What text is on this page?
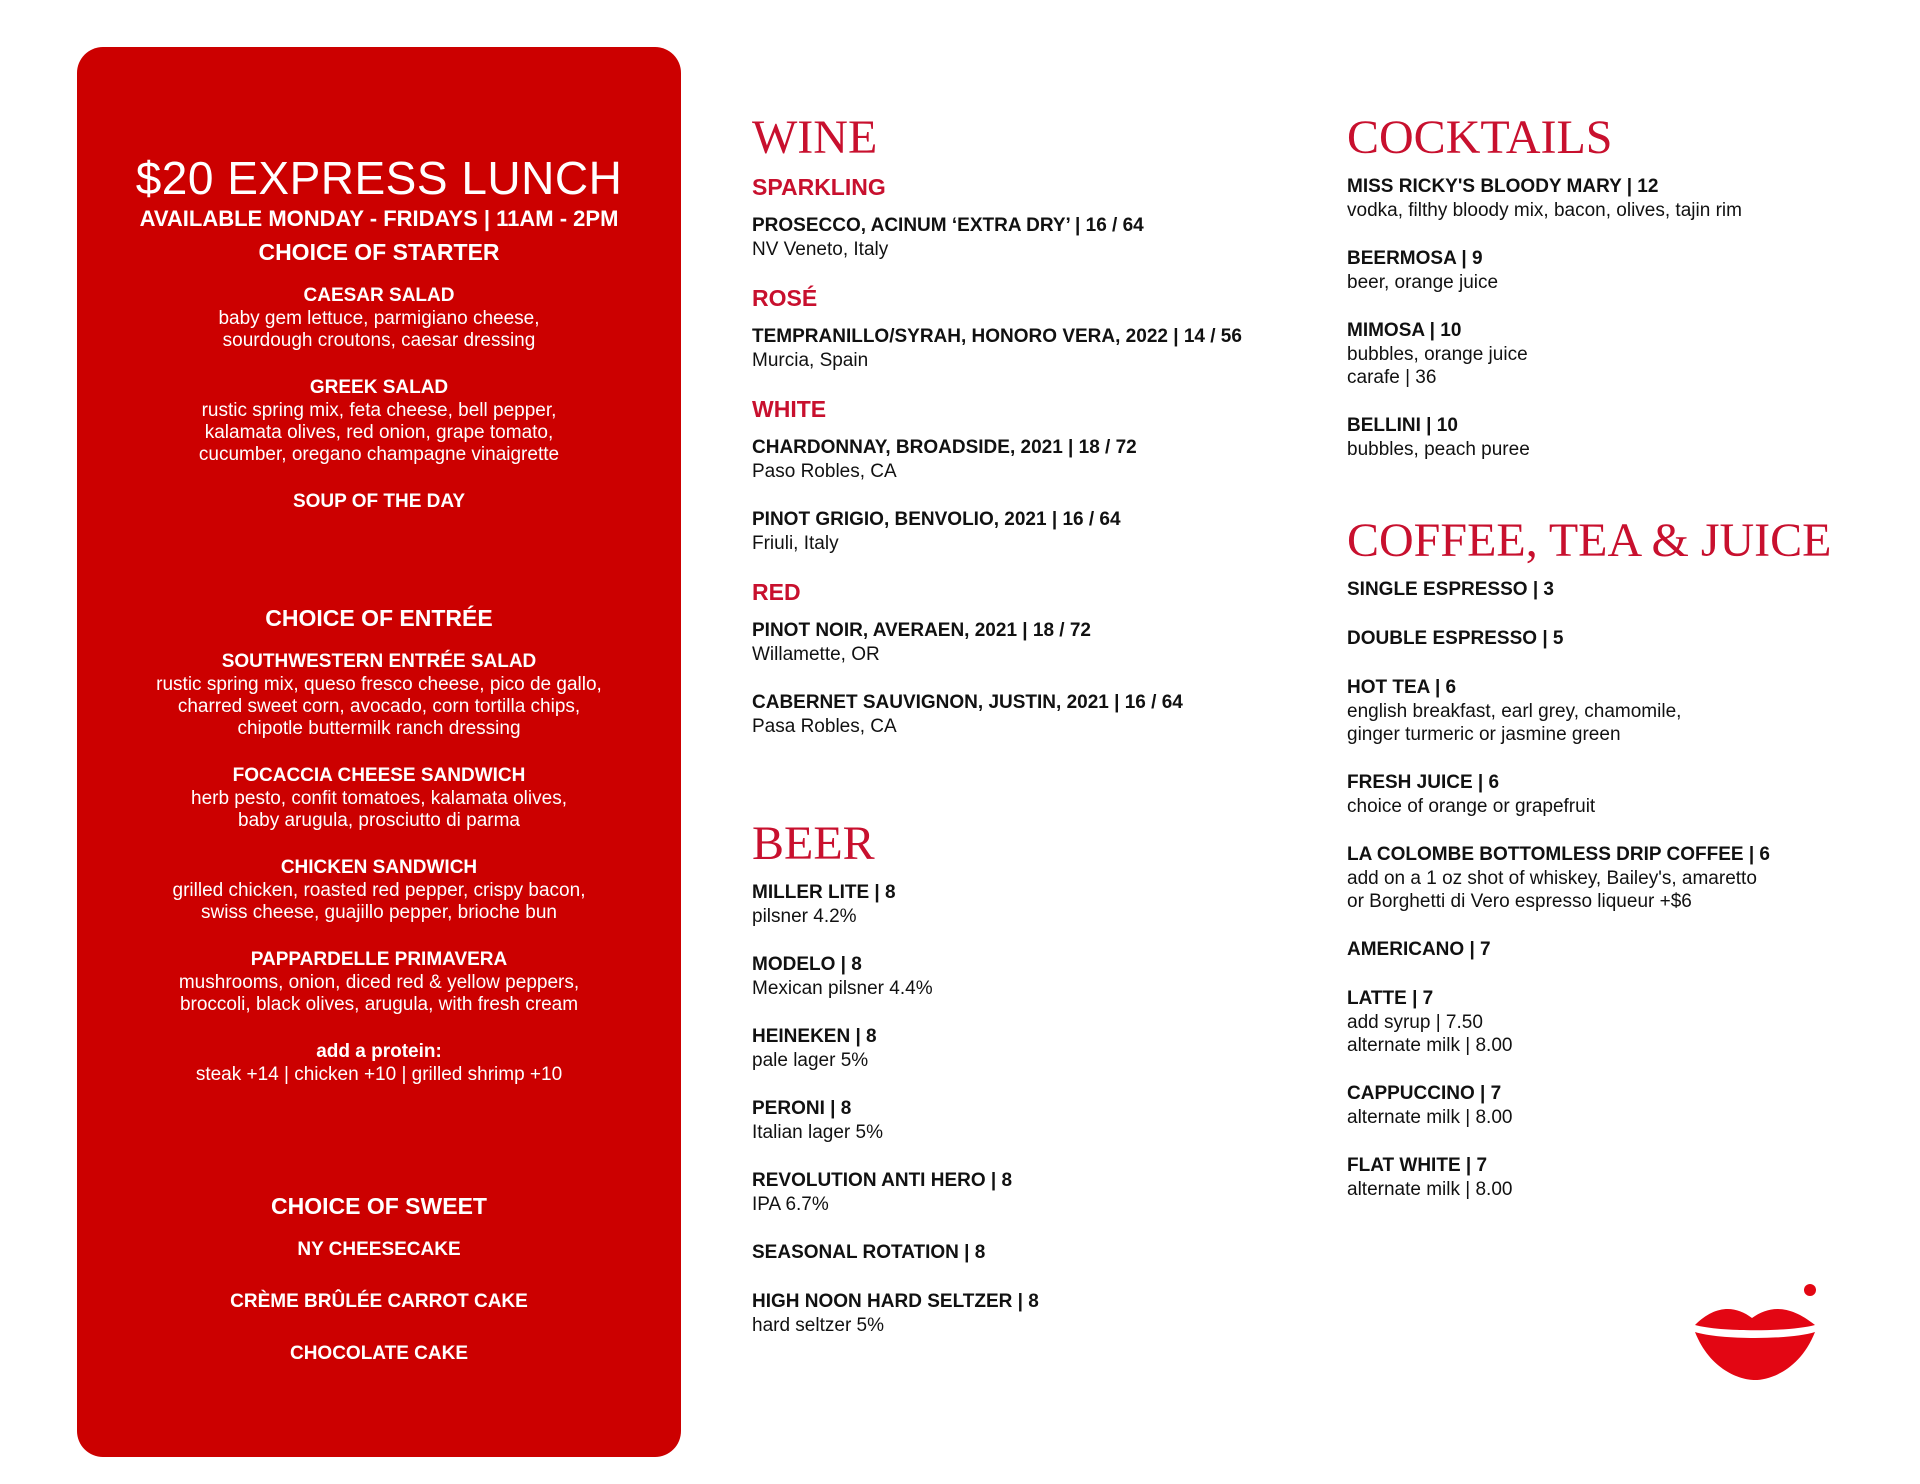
$20 EXPRESS LUNCH
AVAILABLE MONDAY - FRIDAYS | 11AM - 2PM
CHOICE OF STARTER
CAESAR SALAD
baby gem lettuce, parmigiano cheese,
sourdough croutons, caesar dressing
GREEK SALAD
rustic spring mix, feta cheese, bell pepper,
kalamata olives, red onion, grape tomato,
cucumber, oregano champagne vinaigrette
SOUP OF THE DAY
CHOICE OF ENTRÉE
SOUTHWESTERN ENTRÉE SALAD
rustic spring mix, queso fresco cheese, pico de gallo,
charred sweet corn, avocado, corn tortilla chips,
chipotle buttermilk ranch dressing
FOCACCIA CHEESE SANDWICH
herb pesto, confit tomatoes, kalamata olives,
baby arugula, prosciutto di parma
CHICKEN SANDWICH
grilled chicken, roasted red pepper, crispy bacon,
swiss cheese, guajillo pepper, brioche bun
PAPPARDELLE PRIMAVERA
mushrooms, onion, diced red & yellow peppers,
broccoli, black olives, arugula, with fresh cream
add a protein:
steak +14 | chicken +10 | grilled shrimp +10
CHOICE OF SWEET
NY CHEESECAKE
CRÈME BRÛLÉE CARROT CAKE
CHOCOLATE CAKE
WINE
SPARKLING
PROSECCO, ACINUM ‘EXTRA DRY’ | 16 / 64
NV Veneto, Italy
ROSÉ
TEMPRANILLO/SYRAH, HONORO VERA, 2022 | 14 / 56
Murcia, Spain
WHITE
CHARDONNAY, BROADSIDE, 2021 | 18 / 72
Paso Robles, CA
PINOT GRIGIO, BENVOLIO, 2021 | 16 / 64
Friuli, Italy
RED
PINOT NOIR, AVERAEN, 2021 | 18 / 72
Willamette, OR
CABERNET SAUVIGNON, JUSTIN, 2021 | 16 / 64
Pasa Robles, CA
BEER
MILLER LITE | 8
pilsner 4.2%
MODELO | 8
Mexican pilsner 4.4%
HEINEKEN | 8
pale lager 5%
PERONI | 8
Italian lager 5%
REVOLUTION ANTI HERO | 8
IPA 6.7%
SEASONAL ROTATION | 8
HIGH NOON HARD SELTZER | 8
hard seltzer 5%
COCKTAILS
MISS RICKY'S BLOODY MARY | 12
vodka, filthy bloody mix, bacon, olives, tajin rim
BEERMOSA | 9
beer, orange juice
MIMOSA | 10
bubbles, orange juice
carafe | 36
BELLINI | 10
bubbles, peach puree
COFFEE, TEA & JUICE
SINGLE ESPRESSO | 3
DOUBLE ESPRESSO | 5
HOT TEA | 6
english breakfast, earl grey, chamomile,
ginger turmeric or jasmine green
FRESH JUICE | 6
choice of orange or grapefruit
LA COLOMBE BOTTOMLESS DRIP COFFEE | 6
add on a 1 oz shot of whiskey, Bailey's, amaretto
or Borghetti di Vero espresso liqueur +$6
AMERICANO | 7
LATTE | 7
add syrup | 7.50
alternate milk | 8.00
CAPPUCCINO | 7
alternate milk | 8.00
FLAT WHITE | 7
alternate milk | 8.00
